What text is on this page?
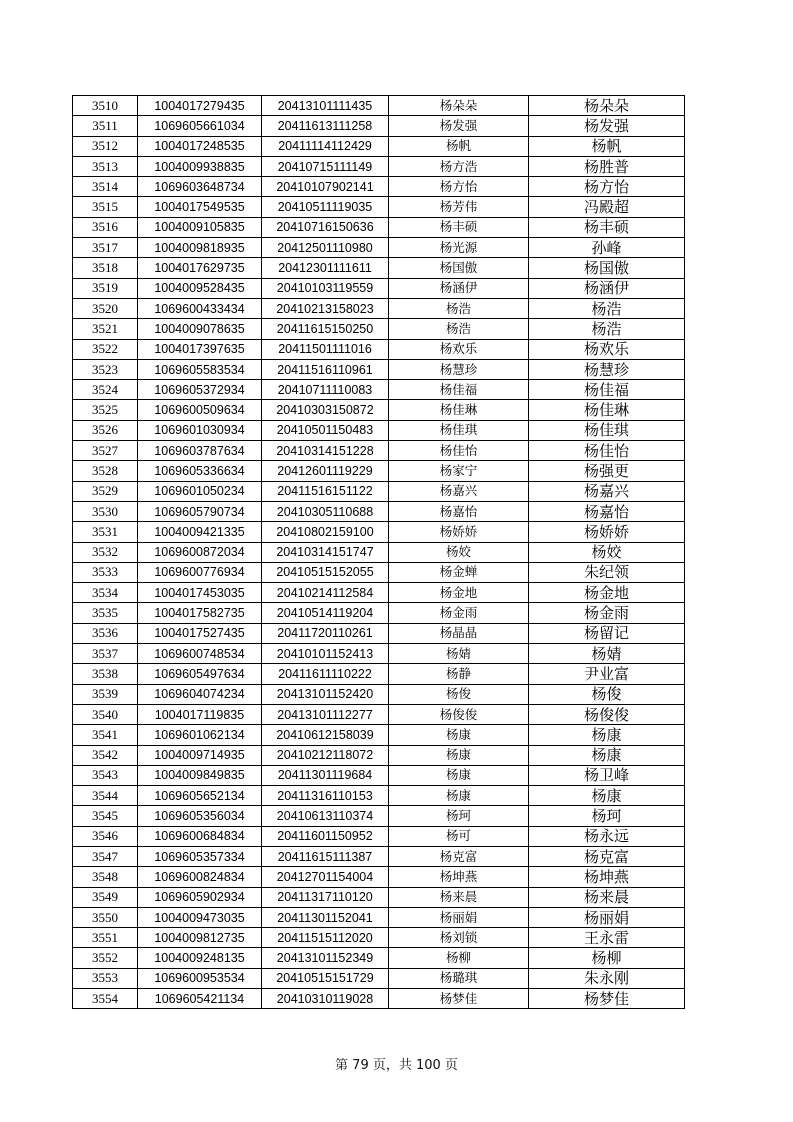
3510	1004017279435	20413101111435	杨朵朵	杨朵朵
3511	1069605661034	20411613111258	杨发强	杨发强
3512	1004017248535	20411114112429	杨帆	杨帆
3513	1004009938835	20410715111149	杨方浩	杨胜普
3514	1069603648734	20410107902141	杨方怡	杨方怡
3515	1004017549535	20410511119035	杨芳伟	冯殿超
3516	1004009105835	20410716150636	杨丰硕	杨丰硕
3517	1004009818935	20412501110980	杨光源	孙峰
3518	1004017629735	20412301111611	杨国傲	杨国傲
3519	1004009528435	20410103119559	杨涵伊	杨涵伊
3520	1069600433434	20410213158023	杨浩	杨浩
3521	1004009078635	20411615150250	杨浩	杨浩
3522	1004017397635	20411501111016	杨欢乐	杨欢乐
3523	1069605583534	20411516110961	杨慧珍	杨慧珍
3524	1069605372934	20410711110083	杨佳福	杨佳福
3525	1069600509634	20410303150872	杨佳琳	杨佳琳
3526	1069601030934	20410501150483	杨佳琪	杨佳琪
3527	1069603787634	20410314151228	杨佳怡	杨佳怡
3528	1069605336634	20412601119229	杨家宁	杨强更
3529	1069601050234	20411516151122	杨嘉兴	杨嘉兴
3530	1069605790734	20410305110688	杨嘉怡	杨嘉怡
3531	1004009421335	20410802159100	杨娇娇	杨娇娇
3532	1069600872034	20410314151747	杨姣	杨姣
3533	1069600776934	20410515152055	杨金蝉	朱纪领
3534	1004017453035	20410214112584	杨金地	杨金地
3535	1004017582735	20410514119204	杨金雨	杨金雨
3536	1004017527435	20411720110261	杨晶晶	杨留记
3537	1069600748534	20410101152413	杨婧	杨婧
3538	1069605497634	20411611110222	杨静	尹业富
3539	1069604074234	20413101152420	杨俊	杨俊
3540	1004017119835	20413101112277	杨俊俊	杨俊俊
3541	1069601062134	20410612158039	杨康	杨康
3542	1004009714935	20410212118072	杨康	杨康
3543	1004009849835	20411301119684	杨康	杨卫峰
3544	1069605652134	20411316110153	杨康	杨康
3545	1069605356034	20410613110374	杨珂	杨珂
3546	1069600684834	20411601150952	杨可	杨永远
3547	1069605357334	20411615111387	杨克富	杨克富
3548	1069600824834	20412701154004	杨坤燕	杨坤燕
3549	1069605902934	20411317110120	杨来晨	杨来晨
3550	1004009473035	20411301152041	杨丽娟	杨丽娟
3551	1004009812735	20411515112020	杨刘锁	王永雷
3552	1004009248135	20413101152349	杨柳	杨柳
3553	1069600953534	20410515151729	杨璐琪	朱永刚
3554	1069605421134	20410310119028	杨梦佳	杨梦佳
第 79 页，共 100 页
